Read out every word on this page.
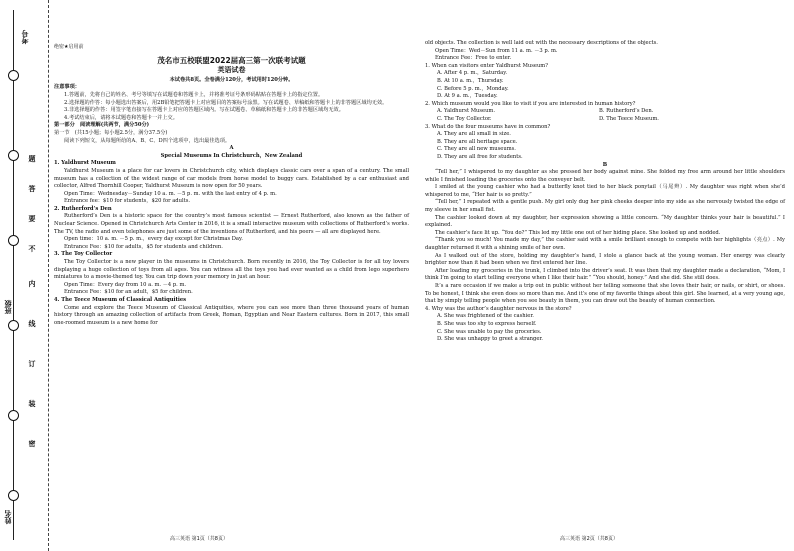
姓名
班级
考号
题
答
要
不
内
线
订
装
密
绝密★启用前
茂名市五校联盟2022届高三第一次联考试题
英语试卷
本试卷共8页。全卷满分120分，考试用时120分钟。
注意事项：

1.答题前，先将自己的姓名、考号等填写在试题卷和答题卡上，并将准考证号条形码粘贴在答题卡上的指定位置。

2.选择题的作答：每小题选出答案后，用2B铅笔把答题卡上对应题目的答案标号涂黑。写在试题卷、草稿纸和答题卡上的非答题区域均无效。

3.非选择题的作答：用签字笔直接写在答题卡上对应的答题区域内。写在试题卷、草稿纸和答题卡上的非答题区域均无效。

4.考试结束后，请将本试题卷和答题卡一并上交。

第一部分　阅读理解(共两节，满分50分)
第一节　(共15小题；每小题2.5分，满分37.5分)

阅读下列短文，从每题所给的A、B、C、D四个选项中，选出最佳选项。

A
Special Museums In Christchurch，New Zealand
1. Yaldhurst Museum

Yaldhurst Museum is a place for car lovers in Christchurch city, which displays classic cars over a span of a century. The small museum has a collection of the widest range of car models from horse model to buggy cars. Established by a car enthusiast and collector, Alfred Thornhill Cooper, Yaldhurst Museum is now open for 50 years.

Open Time：Wednesday－Sunday 10 a. m. －5 p. m. with the last entry of 4 p. m.

Entrance fee：$10 for students，$20 for adults.

2. Rutherford’s Den

Rutherford’s Den is a historic space for the country’s most famous scientist — Ernest Rutherford, also known as the father of Nuclear Science. Opened in Christchurch Arts Center in 2016, it is a small interactive museum with collections of Rutherford’s works. The TV, the radio and even telephones are just some of the inventions of Rutherford, and his peers — all are displayed here.

Open time：10 a. m. －5 p. m.，every day except for Christmas Day.

Entrance Fee：$10 for adults，$5 for students and children.

3. The Toy Collector

The Toy Collector is a new player in the museums in Christchurch. Born recently in 2016, the Toy Collector is for all toy lovers displaying a huge collection of toys from all ages. You can witness all the toys you had ever wanted as a child from lego superhero miniatures to a movie-themed toy. You can trip down your memory in just an hour.

Open Time：Every day from 10 a. m. －4 p. m.

Entrance Fee：$10 for an adult，$5 for children.

4. The Teece Museum of Classical Antiquities

Come and explore the Teece Museum of Classical Antiquities, where you can see more than three thousand years of human history through an amazing collection of artifacts from Greek, Roman, Egyptian and Near Eastern cultures. Born in 2017, this small one-roomed museum is a new home for

高三英语 第1页（共8页）

old objects. The collection is well laid out with the necessary descriptions of the objects.

Open Time：Wed－Sun from 11 a. m. －3 p. m.

Entrance Fee：Free to enter.

1. When can visitors enter Yaldhurst Museum?

A. After 4 p. m.，Saturday.

B. At 10 a. m.，Thursday.

C. Before 5 p. m.，Monday.

D. At 9 a. m.，Tuesday.

2. Which museum would you like to visit if you are interested in human history?

A. Yaldhurst Museum.	B. Rutherford’s Den.

C. The Toy Collector.	D. The Teece Museum.

3. What do the four museums have in common?

A. They are all small in size.

B. They are all heritage space.

C. They are all new museums.

D. They are all free for students.

B

“Tell her,” I whispered to my daughter as she pressed her body against mine. She folded my free arm around her little shoulders while I finished loading the groceries onto the conveyer belt.

I smiled at the young cashier who had a butterfly knot tied to her black ponytail（马尾辫）. My daughter was right when she’d whispered to me, “Her hair is so pretty.”

“Tell her,” I repeated with a gentle push. My girl only dug her pink cheeks deeper into my side as she nervously twisted the edge of my sleeve in her small fist.

The cashier looked down at my daughter, her expression showing a little concern. “My daughter thinks your hair is beautiful.” I explained.

The cashier’s face lit up. “You do?” This led my little one out of her hiding place. She looked up and nodded.

“Thank you so much! You made my day,” the cashier said with a smile brilliant enough to compete with her highlights（亮点）. My daughter returned it with a shining smile of her own.

As I walked out of the store, holding my daughter’s hand, I stole a glance back at the young woman. Her energy was clearly brighter now than it had been when we first entered her line.

After loading my groceries in the trunk, I climbed into the driver’s seat. It was then that my daughter made a declaration, “Mom, I think I’m going to start telling everyone when I like their hair.” “You should, honey.” And she did. She still does.

It’s a rare occasion if we make a trip out in public without her telling someone that she loves their hair, or nails, or shirt, or shoes. To be honest, I think she even does so more than me. And it’s one of my favorite things about this girl. She learned, at a very young age, that by simply telling people when you see beauty in them, you can draw out the beauty of human connection.

4. Why was the author’s daughter nervous in the store?

A. She was frightened of the cashier.

B. She was too shy to express herself.

C. She was unable to pay the groceries.

D. She was unhappy to greet a stranger.

高三英语 第2页（共8页）
